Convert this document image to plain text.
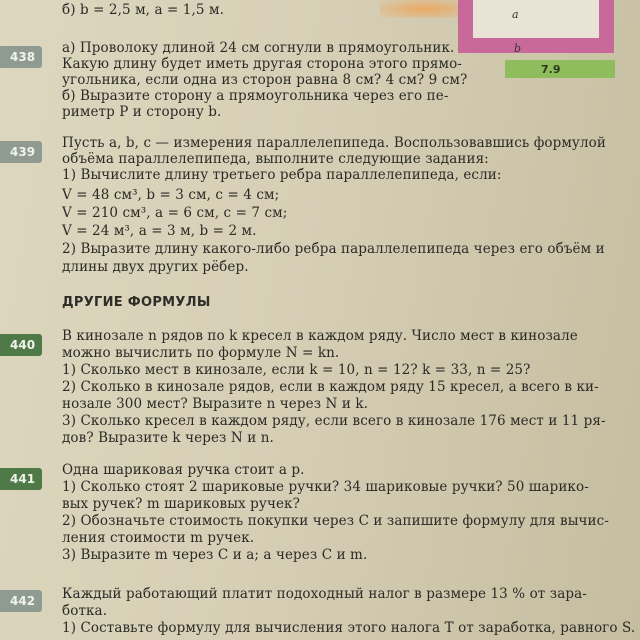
б) b = 2,5 м, a = 1,5 м.	a
b
7.9
438
а) Проволоку длиной 24 см согнули в прямоугольник.
Какую длину будет иметь другая сторона этого прямо-
угольника, если одна из сторон равна 8 см? 4 см? 9 см?
б) Выразите сторону a прямоугольника через его пе-
риметр P и сторону b.
439
Пусть a, b, c — измерения параллелепипеда. Воспользовавшись формулой
объёма параллелепипеда, выполните следующие задания:
1) Вычислите длину третьего ребра параллелепипеда, если:
V = 48 см³, b = 3 см, c = 4 см;
V = 210 см³, a = 6 см, c = 7 см;
V = 24 м³, a = 3 м, b = 2 м.
2) Выразите длину какого-либо ребра параллелепипеда через его объём и
длины двух других рёбер.
ДРУГИЕ ФОРМУЛЫ
440
В кинозале n рядов по k кресел в каждом ряду. Число мест в кинозале
можно вычислить по формуле N = kn.
1) Сколько мест в кинозале, если k = 10, n = 12? k = 33, n = 25?
2) Сколько в кинозале рядов, если в каждом ряду 15 кресел, а всего в ки-
нозале 300 мест? Выразите n через N и k.
3) Сколько кресел в каждом ряду, если всего в кинозале 176 мест и 11 ря-
дов? Выразите k через N и n.
441
Одна шариковая ручка стоит a р.
1) Сколько стоят 2 шариковые ручки? 34 шариковые ручки? 50 шарико-
вых ручек? m шариковых ручек?
2) Обозначьте стоимость покупки через C и запишите формулу для вычис-
ления стоимости m ручек.
3) Выразите m через C и a; a через C и m.
442	Каждый работающий платит подоходный налог в размере 13 % от зара-
ботка.
1) Составьте формулу для вычисления этого налога T от заработка, равного S.
